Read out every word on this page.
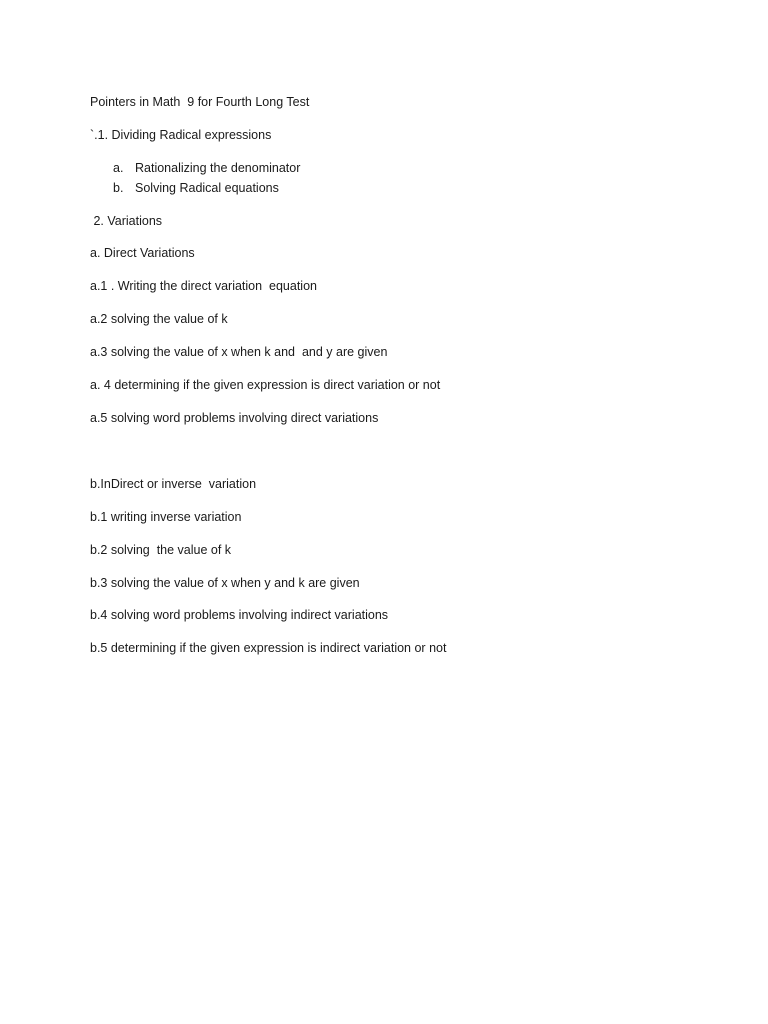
Pointers in Math  9 for Fourth Long Test
`.1. Dividing Radical expressions
a. Rationalizing the denominator
b. Solving Radical equations
2. Variations
a. Direct Variations
a.1 . Writing the direct variation  equation
a.2 solving the value of k
a.3 solving the value of x when k and  and y are given
a. 4 determining if the given expression is direct variation or not
a.5 solving word problems involving direct variations
b.InDirect or inverse  variation
b.1 writing inverse variation
b.2 solving  the value of k
b.3 solving the value of x when y and k are given
b.4 solving word problems involving indirect variations
b.5 determining if the given expression is indirect variation or not
